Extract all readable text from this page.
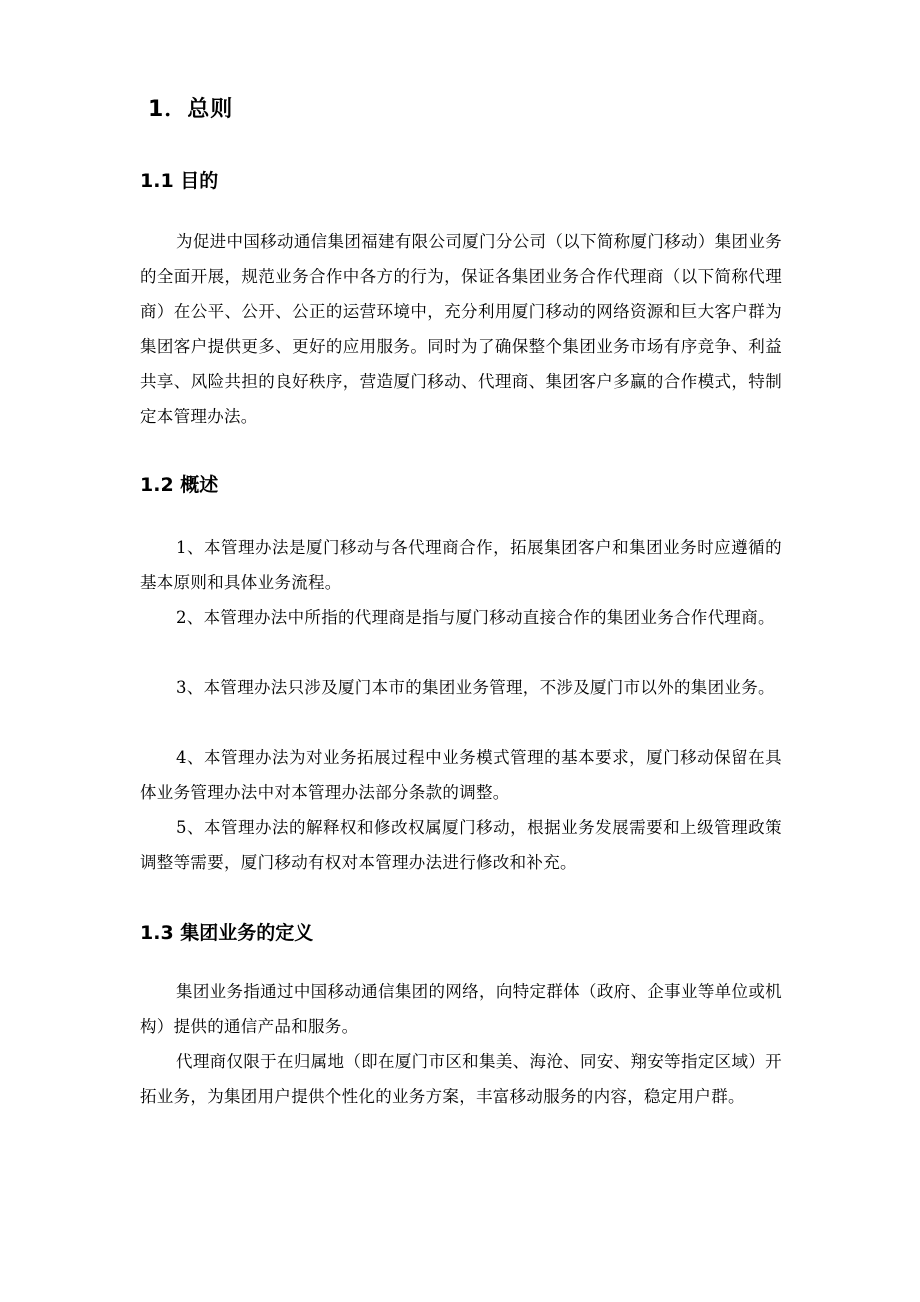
1．总则
1.1 目的
为促进中国移动通信集团福建有限公司厦门分公司（以下简称厦门移动）集团业务的全面开展，规范业务合作中各方的行为，保证各集团业务合作代理商（以下简称代理商）在公平、公开、公正的运营环境中，充分利用厦门移动的网络资源和巨大客户群为集团客户提供更多、更好的应用服务。同时为了确保整个集团业务市场有序竞争、利益共享、风险共担的良好秩序，营造厦门移动、代理商、集团客户多赢的合作模式，特制定本管理办法。
1.2 概述
1、本管理办法是厦门移动与各代理商合作，拓展集团客户和集团业务时应遵循的基本原则和具体业务流程。
2、本管理办法中所指的代理商是指与厦门移动直接合作的集团业务合作代理商。
3、本管理办法只涉及厦门本市的集团业务管理，不涉及厦门市以外的集团业务。
4、本管理办法为对业务拓展过程中业务模式管理的基本要求，厦门移动保留在具体业务管理办法中对本管理办法部分条款的调整。
5、本管理办法的解释权和修改权属厦门移动，根据业务发展需要和上级管理政策调整等需要，厦门移动有权对本管理办法进行修改和补充。
1.3 集团业务的定义
集团业务指通过中国移动通信集团的网络，向特定群体（政府、企事业等单位或机构）提供的通信产品和服务。
代理商仅限于在归属地（即在厦门市区和集美、海沧、同安、翔安等指定区域）开拓业务，为集团用户提供个性化的业务方案，丰富移动服务的内容，稳定用户群。
